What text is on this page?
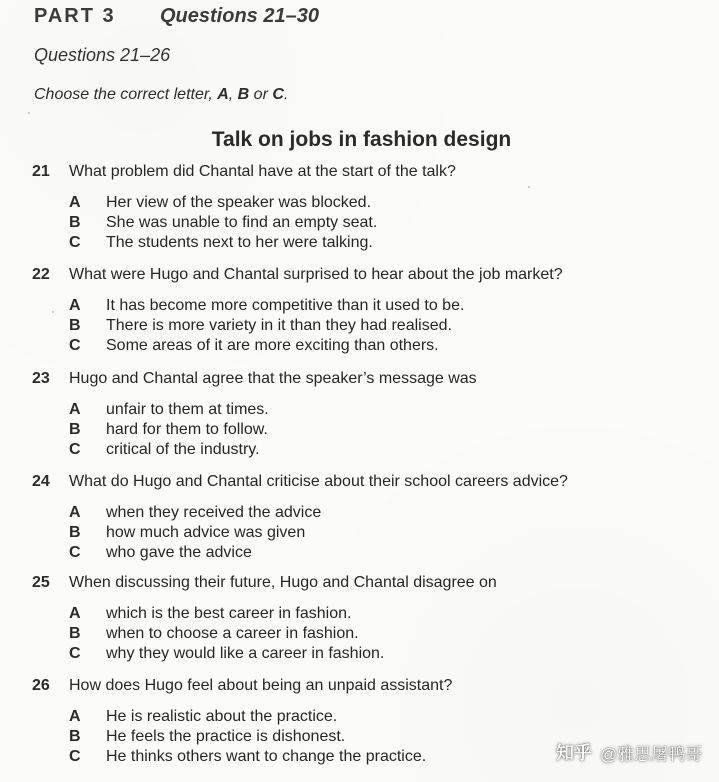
PART 3 Questions 21–30
Questions 21–26
Choose the correct letter, A, B or C.
Talk on jobs in fashion design
21 What problem did Chantal have at the start of the talk?
A Her view of the speaker was blocked.
B She was unable to find an empty seat.
C The students next to her were talking.
22 What were Hugo and Chantal surprised to hear about the job market?
A It has become more competitive than it used to be.
B There is more variety in it than they had realised.
C Some areas of it are more exciting than others.
23 Hugo and Chantal agree that the speaker’s message was
A unfair to them at times.
B hard for them to follow.
C critical of the industry.
24 What do Hugo and Chantal criticise about their school careers advice?
A when they received the advice
B how much advice was given
C who gave the advice
25 When discussing their future, Hugo and Chantal disagree on
A which is the best career in fashion.
B when to choose a career in fashion.
C why they would like a career in fashion.
26 How does Hugo feel about being an unpaid assistant?
A He is realistic about the practice.
B He feels the practice is dishonest.
C He thinks others want to change the practice.	知乎 @雅思屠鸭哥
